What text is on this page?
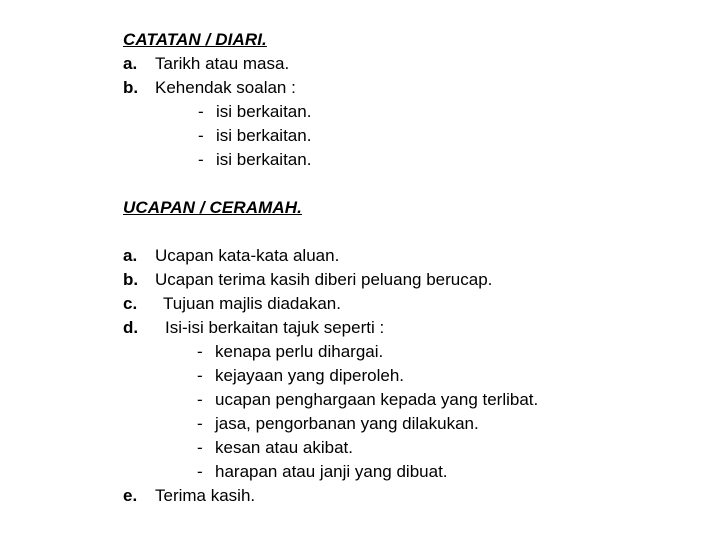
CATATAN / DIARI.
a. Tarikh atau masa.
b. Kehendak soalan :
- isi berkaitan.
- isi berkaitan.
- isi berkaitan.
UCAPAN / CERAMAH.
a. Ucapan kata-kata aluan.
b. Ucapan terima kasih diberi peluang berucap.
c. Tujuan majlis diadakan.
d. Isi-isi berkaitan tajuk seperti :
- kenapa perlu dihargai.
- kejayaan yang diperoleh.
- ucapan penghargaan kepada yang terlibat.
- jasa, pengorbanan yang dilakukan.
- kesan atau akibat.
- harapan atau janji yang dibuat.
e. Terima kasih.
